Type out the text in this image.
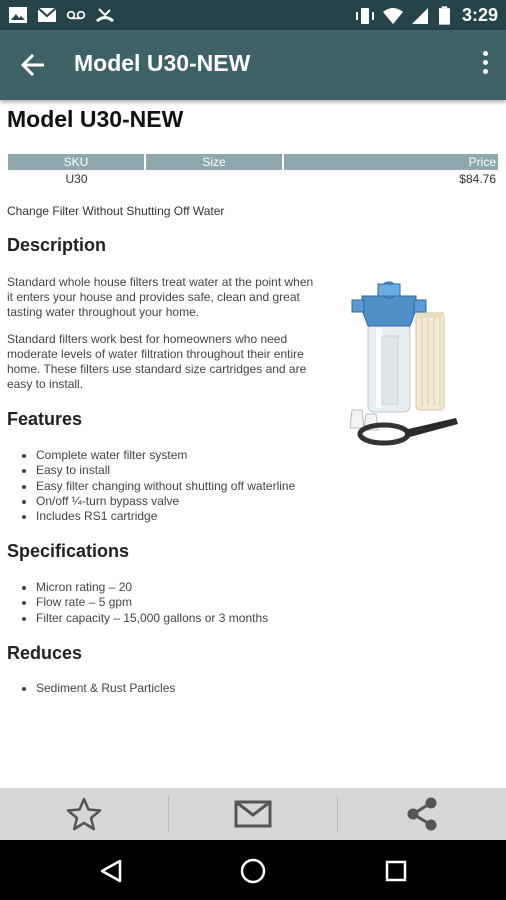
3:29
Model U30-NEW
Model U30-NEW
SKU	Size	Price
U30		$84.76
Change Filter Without Shutting Off Water
Description

Standard whole house filters treat water at the point when it enters your house and provides safe, clean and great tasting water throughout your home.

Standard filters work best for homeowners who need moderate levels of water filtration throughout their entire home. These filters use standard size cartridges and are easy to install.

Features
• Complete water filter system
• Easy to install
• Easy filter changing without shutting off waterline
• On/off ¼-turn bypass valve
• Includes RS1 cartridge
Specifications
• Micron rating – 20
• Flow rate – 5 gpm
• Filter capacity – 15,000 gallons or 3 months
Reduces
• Sediment & Rust Particles
